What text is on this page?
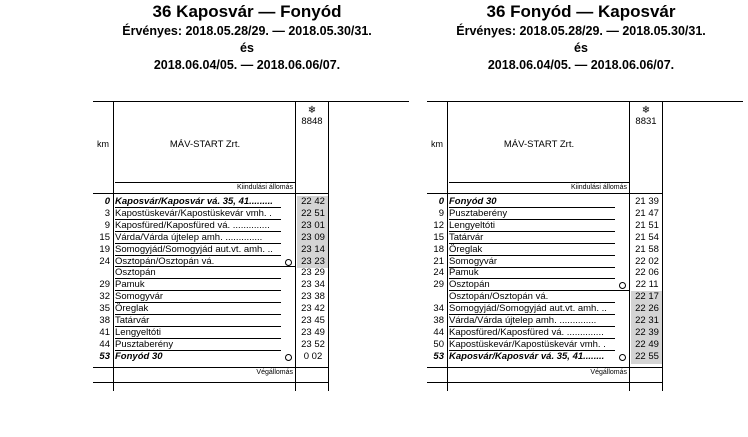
36 Kaposvár — Fonyód
Érvényes: 2018.05.28/29. — 2018.05.30/31.
és
2018.06.04/05. — 2018.06.06/07.
km	MÁV-START Zrt.
❄
8848
Kiindulási állomás
Végállomás
0 Kaposvár/Kaposvár vá. 35, 41.........	22 42
3 Kapostüskevár/Kapostüskevár vmh. .	22 51
9 Kaposfüred/Kaposfüred vá. ..............	23 01
15 Várda/Várda újtelep amh. ..............	23 09
19 Somogyjád/Somogyjád aut.vt. amh. ..	23 14
24 Osztopán/Osztopán vá.	23 23
Osztopán	23 29
29 Pamuk	23 34
32 Somogyvár	23 38
35 Öreglak	23 42
38 Tatárvár	23 45
41 Lengyeltóti	23 49
44 Pusztaberény	23 52
53 Fonyód 30	0 02
36 Fonyód — Kaposvár
Érvényes: 2018.05.28/29. — 2018.05.30/31.
és
2018.06.04/05. — 2018.06.06/07.
km	MÁV-START Zrt.
❄
8831
Kiindulási állomás
Végállomás
0 Fonyód 30	21 39
9 Pusztaberény	21 47
12 Lengyeltóti	21 51
15 Tatárvár	21 54
18 Öreglak	21 58
21 Somogyvár	22 02
24 Pamuk	22 06
29 Osztopán	22 11
Osztopán/Osztopán vá.	22 17
34 Somogyjád/Somogyjád aut.vt. amh. ..	22 26
38 Várda/Várda újtelep amh. ..............	22 31
44 Kaposfüred/Kaposfüred vá. ..............	22 39
50 Kapostüskevár/Kapostüskevár vmh. .	22 49
53 Kaposvár/Kaposvár vá. 35, 41........	22 55
